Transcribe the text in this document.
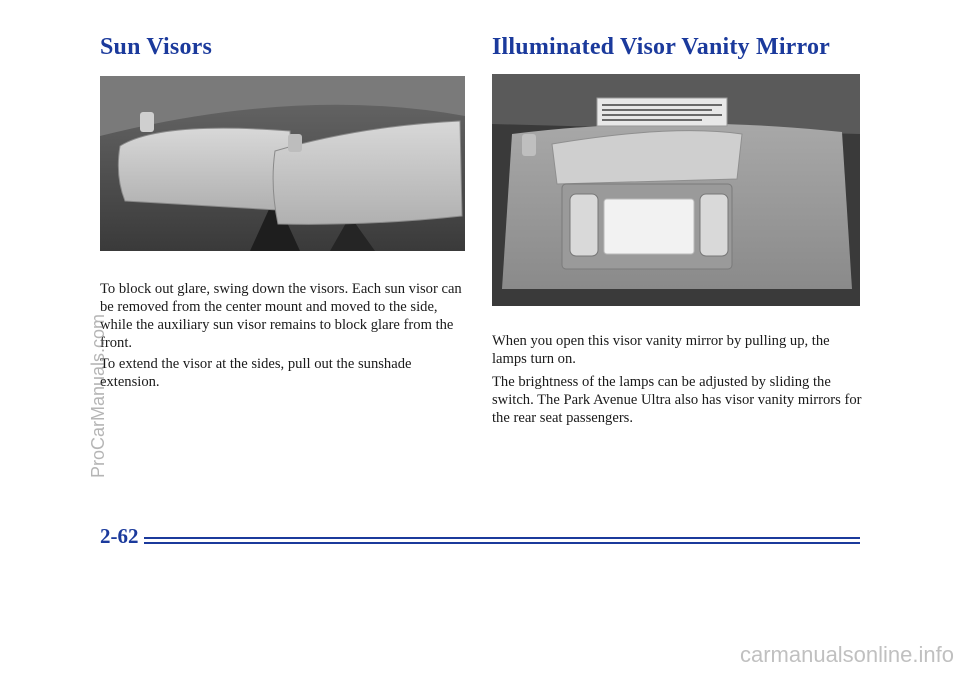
Sun Visors	Illuminated Visor Vanity Mirror

To block out glare, swing down the visors. Each sun visor can be removed from the center mount and moved to the side, while the auxiliary sun visor remains to block glare from the front.

To extend the visor at the sides, pull out the sunshade extension.

When you open this visor vanity mirror by pulling up, the lamps turn on.

The brightness of the lamps can be adjusted by sliding the switch. The Park Avenue Ultra also has visor vanity mirrors for the rear seat passengers.

2-62

ProCarManuals.com
carmanualsonline.info
